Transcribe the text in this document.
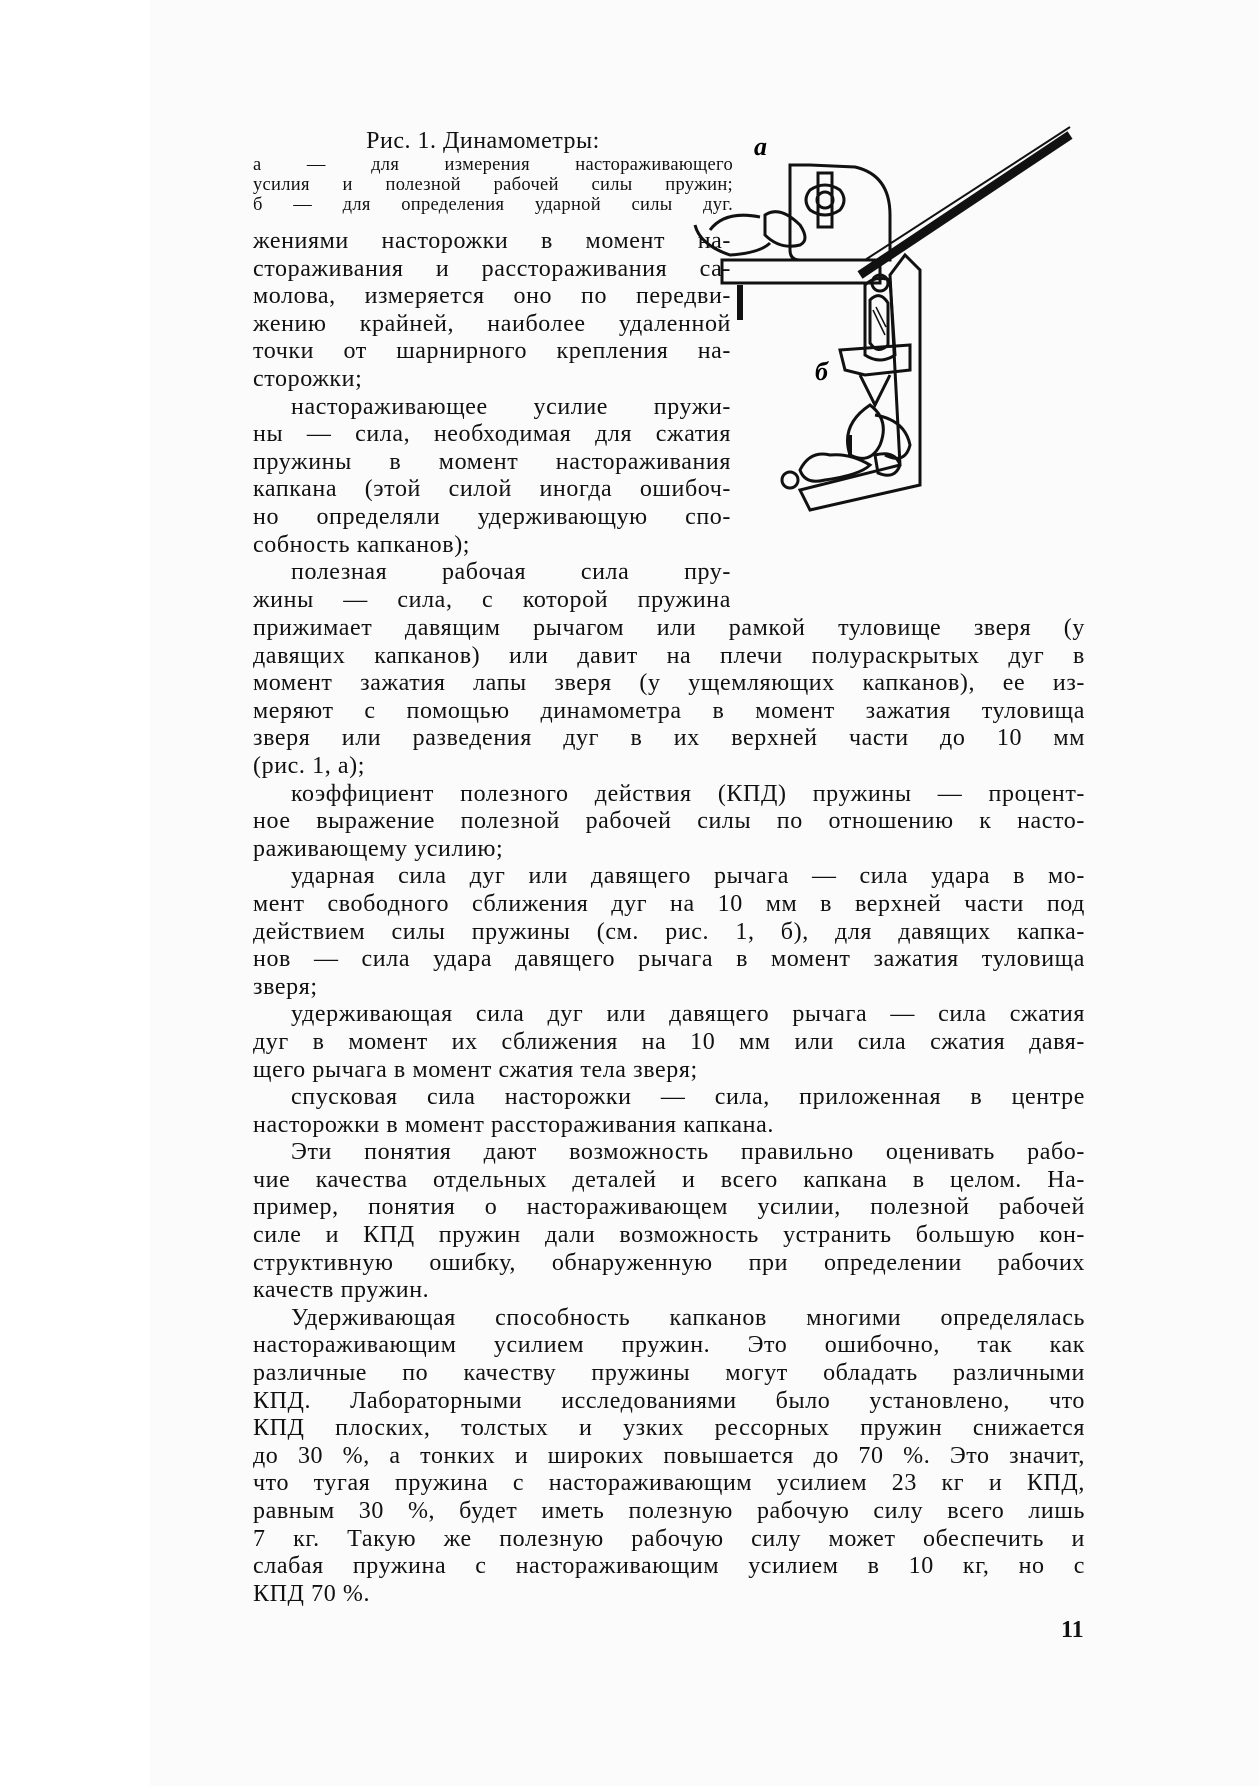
Рис. 1. Динамометры:
а — для измерения настораживающего
усилия и полезной рабочей силы пружин;
б — для определения ударной силы дуг.
а
б
жениями насторожки в момент на-
стораживания и расстораживания са-
молова, измеряется оно по передви-
жению крайней, наиболее удаленной
точки от шарнирного крепления на-
сторожки;
настораживающее усилие пружи-
ны — сила, необходимая для сжатия
пружины в момент настораживания
капкана (этой силой иногда ошибоч-
но определяли удерживающую спо-
собность капканов);
полезная рабочая сила пру-
жины — сила, с которой пружина
прижимает давящим рычагом или рамкой туловище зверя (у
давящих капканов) или давит на плечи полураскрытых дуг в
момент зажатия лапы зверя (у ущемляющих капканов), ее из-
меряют с помощью динамометра в момент зажатия туловища
зверя или разведения дуг в их верхней части до 10 мм
(рис. 1, а);
коэффициент полезного действия (КПД) пружины — процент-
ное выражение полезной рабочей силы по отношению к насто-
раживающему усилию;
ударная сила дуг или давящего рычага — сила удара в мо-
мент свободного сближения дуг на 10 мм в верхней части под
действием силы пружины (см. рис. 1, б), для давящих капка-
нов — сила удара давящего рычага в момент зажатия туловища
зверя;
удерживающая сила дуг или давящего рычага — сила сжатия
дуг в момент их сближения на 10 мм или сила сжатия давя-
щего рычага в момент сжатия тела зверя;
спусковая сила насторожки — сила, приложенная в центре
насторожки в момент расстораживания капкана.
Эти понятия дают возможность правильно оценивать рабо-
чие качества отдельных деталей и всего капкана в целом. На-
пример, понятия о настораживающем усилии, полезной рабочей
силе и КПД пружин дали возможность устранить большую кон-
структивную ошибку, обнаруженную при определении рабочих
качеств пружин.
Удерживающая способность капканов многими определялась
настораживающим усилием пружин. Это ошибочно, так как
различные по качеству пружины могут обладать различными
КПД. Лабораторными исследованиями было установлено, что
КПД плоских, толстых и узких рессорных пружин снижается
до 30 %, а тонких и широких повышается до 70 %. Это значит,
что тугая пружина с настораживающим усилием 23 кг и КПД,
равным 30 %, будет иметь полезную рабочую силу всего лишь
7 кг. Такую же полезную рабочую силу может обеспечить и
слабая пружина с настораживающим усилием в 10 кг, но с
КПД 70 %.
11
